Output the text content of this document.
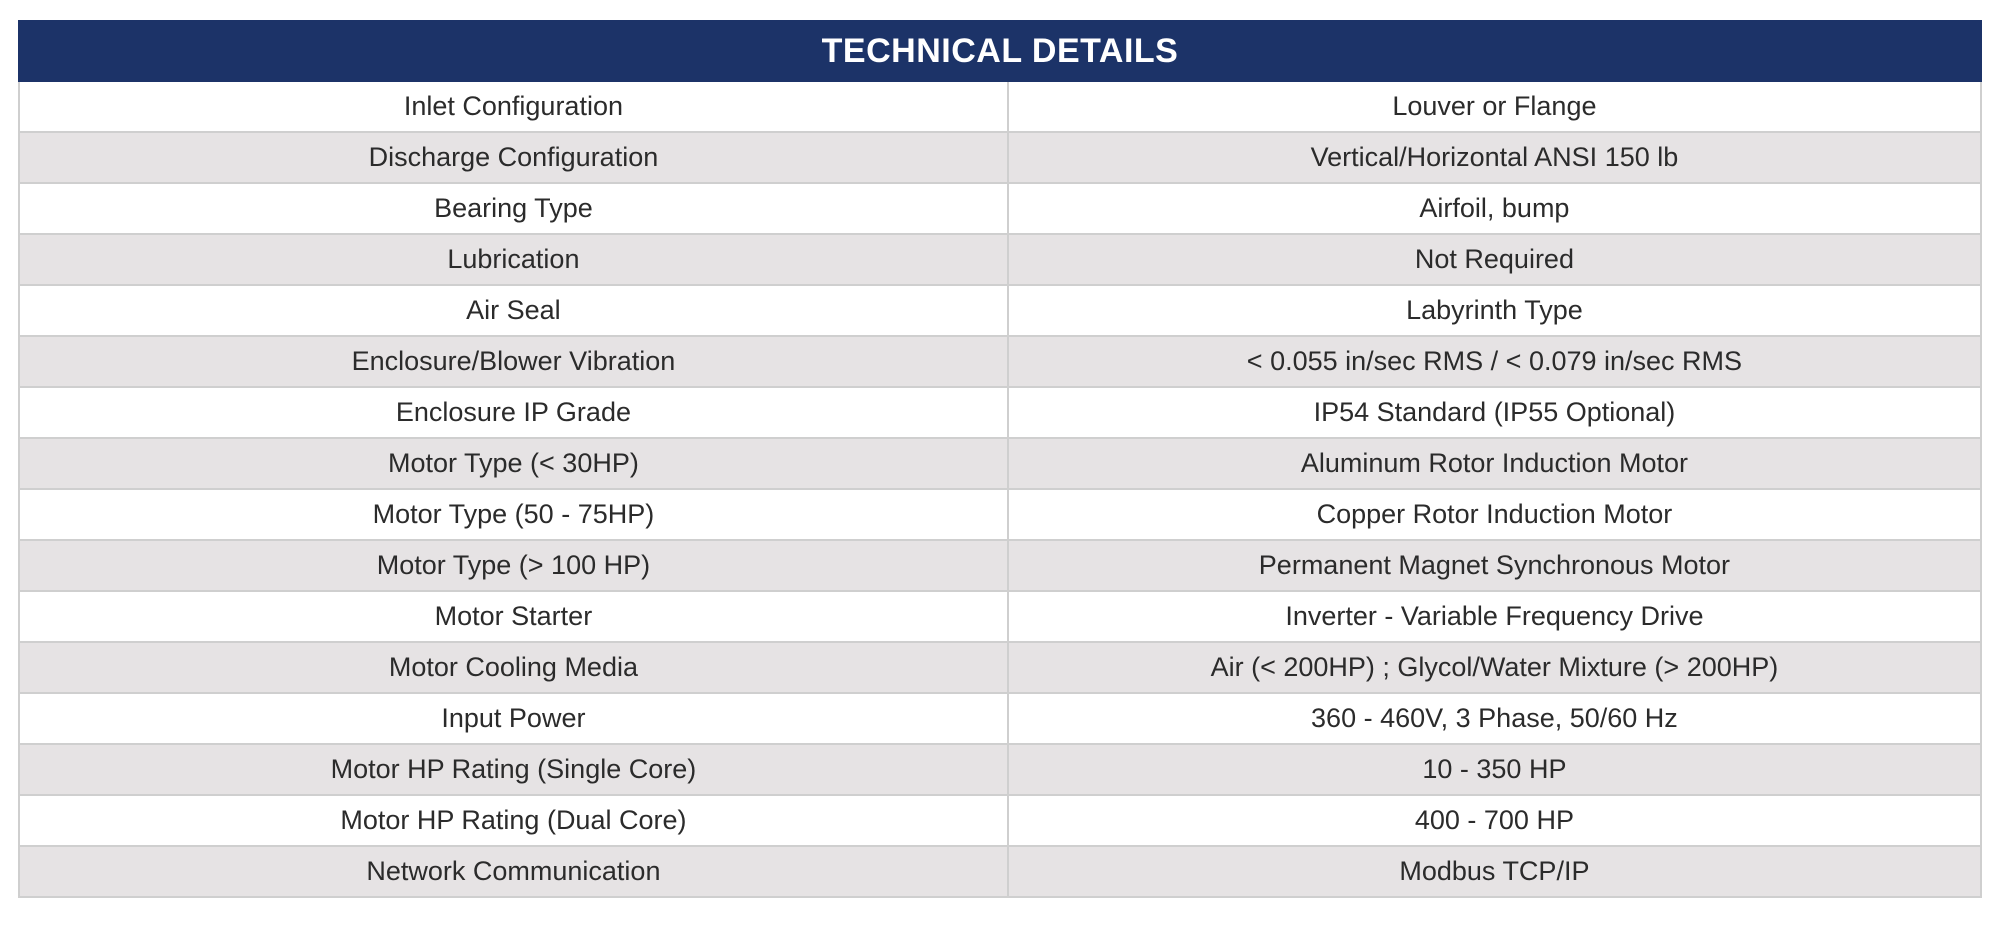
TECHNICAL DETAILS	
Inlet Configuration	Louver or Flange
Discharge Configuration	Vertical/Horizontal ANSI 150 lb
Bearing Type	Airfoil, bump
Lubrication	Not Required
Air Seal	Labyrinth Type
Enclosure/Blower Vibration	< 0.055 in/sec RMS / < 0.079 in/sec RMS
Enclosure IP Grade	IP54 Standard (IP55 Optional)
Motor Type (< 30HP)	Aluminum Rotor Induction Motor
Motor Type (50 - 75HP)	Copper Rotor Induction Motor
Motor Type (> 100 HP)	Permanent Magnet Synchronous Motor
Motor Starter	Inverter - Variable Frequency Drive
Motor Cooling Media	Air (< 200HP) ; Glycol/Water Mixture (> 200HP)
Input Power	360 - 460V, 3 Phase, 50/60 Hz
Motor HP Rating (Single Core)	10 - 350 HP
Motor HP Rating (Dual Core)	400 - 700 HP
Network Communication	Modbus TCP/IP
